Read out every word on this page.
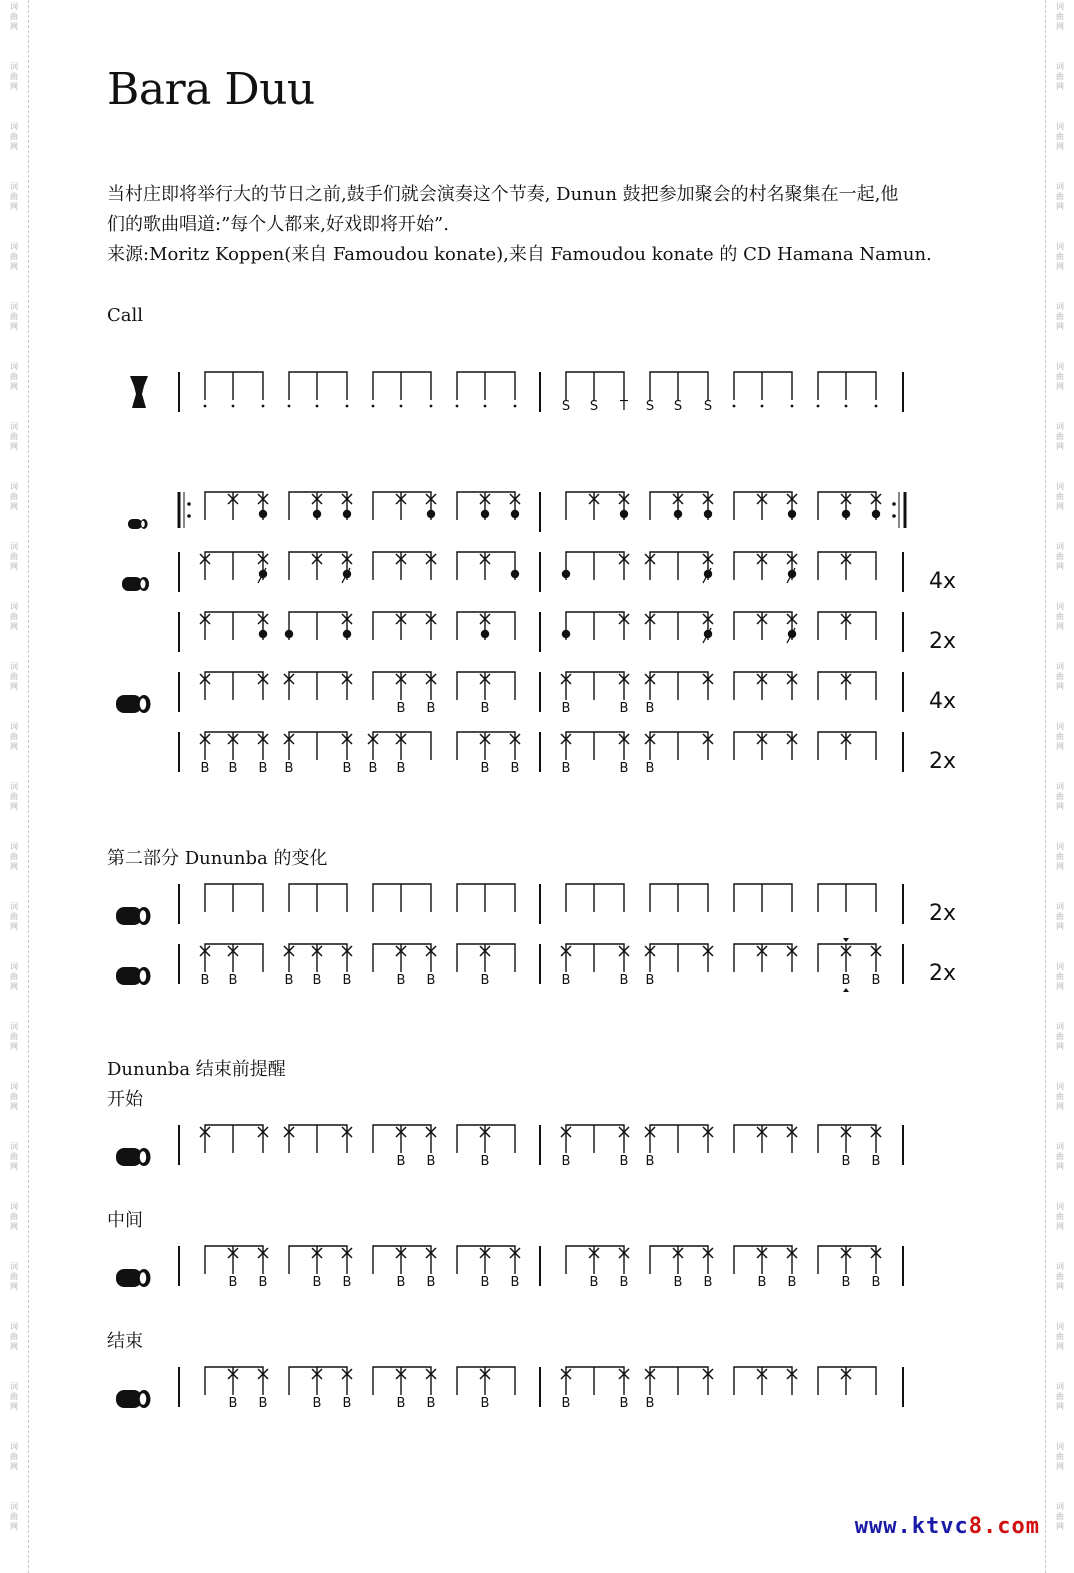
词
曲
网
词
曲
网
词
曲
网
词
曲
网
词
曲
网
词
曲
网
词
曲
网
词
曲
网
词
曲
网
词
曲
网
词
曲
网
词
曲
网
词
曲
网
词
曲
网
词
曲
网
词
曲
网
词
曲
网
词
曲
网
词
曲
网
词
曲
网
词
曲
网
词
曲
网
词
曲
网
词
曲
网
词
曲
网
词
曲
网
词
曲
网
词
曲
网
词
曲
网
词
曲
网
词
曲
网
词
曲
网
词
曲
网
词
曲
网
词
曲
网
词
曲
网
词
曲
网
词
曲
网
词
曲
网
词
曲
网
词
曲
网
词
曲
网
词
曲
网
词
曲
网
词
曲
网
词
曲
网
词
曲
网
词
曲
网
词
曲
网
词
曲
网
词
曲
网
词
曲
网
Bara Duu

当村庄即将举行大的节日之前,鼓手们就会演奏这个节奏, Dunun 鼓把参加聚会的村名聚集在一起,他

们的歌曲唱道:”每个人都来,好戏即将开始”.

来源:Moritz Koppen(来自 Famoudou konate),来自 Famoudou konate 的 CD Hamana Namun.

Call
第二部分 Dununba 的变化
Dununba 结束前提醒
开始
中间
结束
S S T S S S
4x
2x
B B	B	B	B B	4x
B B B B	B B B	B B	B	B B	2x
2x
B B	B B B	B B	B	B	B B	B B 2x
B B	B	B	B B	B B
B B	B B	B B	B B	B B	B B	B B	B B
B B	B B	B B	B	B	B B
www.ktvc8.com
